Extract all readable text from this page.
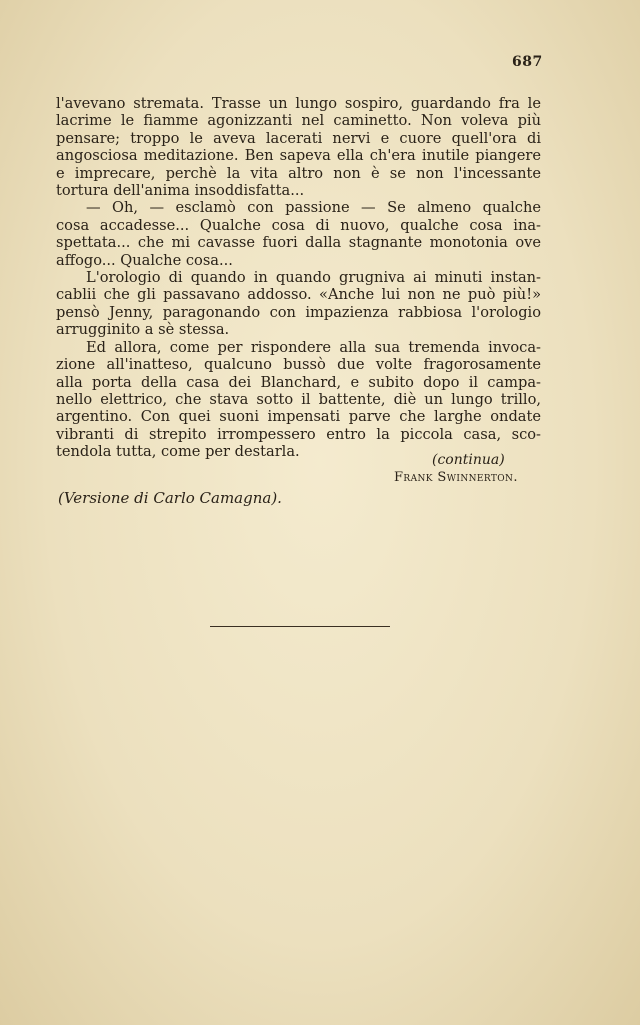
687
l'avevano stremata. Trasse un lungo sospiro, guardando fra le
lacrime le fiamme agonizzanti nel caminetto. Non voleva più
pensare; troppo le aveva lacerati nervi e cuore quell'ora di
angosciosa meditazione. Ben sapeva ella ch'era inutile piangere
e imprecare, perchè la vita altro non è se non l'incessante
tortura dell'anima insoddisfatta...
— Oh, — esclamò con passione — Se almeno qualche
cosa accadesse... Qualche cosa di nuovo, qualche cosa ina-
spettata... che mi cavasse fuori dalla stagnante monotonia ove
affogo... Qualche cosa...
L'orologio di quando in quando grugniva ai minuti instan-
cablii che gli passavano addosso. «Anche lui non ne può più!»
pensò Jenny, paragonando con impazienza rabbiosa l'orologio
arrugginito a sè stessa.
Ed allora, come per rispondere alla sua tremenda invoca-
zione all'inatteso, qualcuno bussò due volte fragorosamente
alla porta della casa dei Blanchard, e subito dopo il campa-
nello elettrico, che stava sotto il battente, diè un lungo trillo,
argentino. Con quei suoni impensati parve che larghe ondate
vibranti di strepito irrompessero entro la piccola casa, sco-
tendola tutta, come per destarla.	(continua)
Frank Swinnerton.
(Versione di Carlo Camagna).
